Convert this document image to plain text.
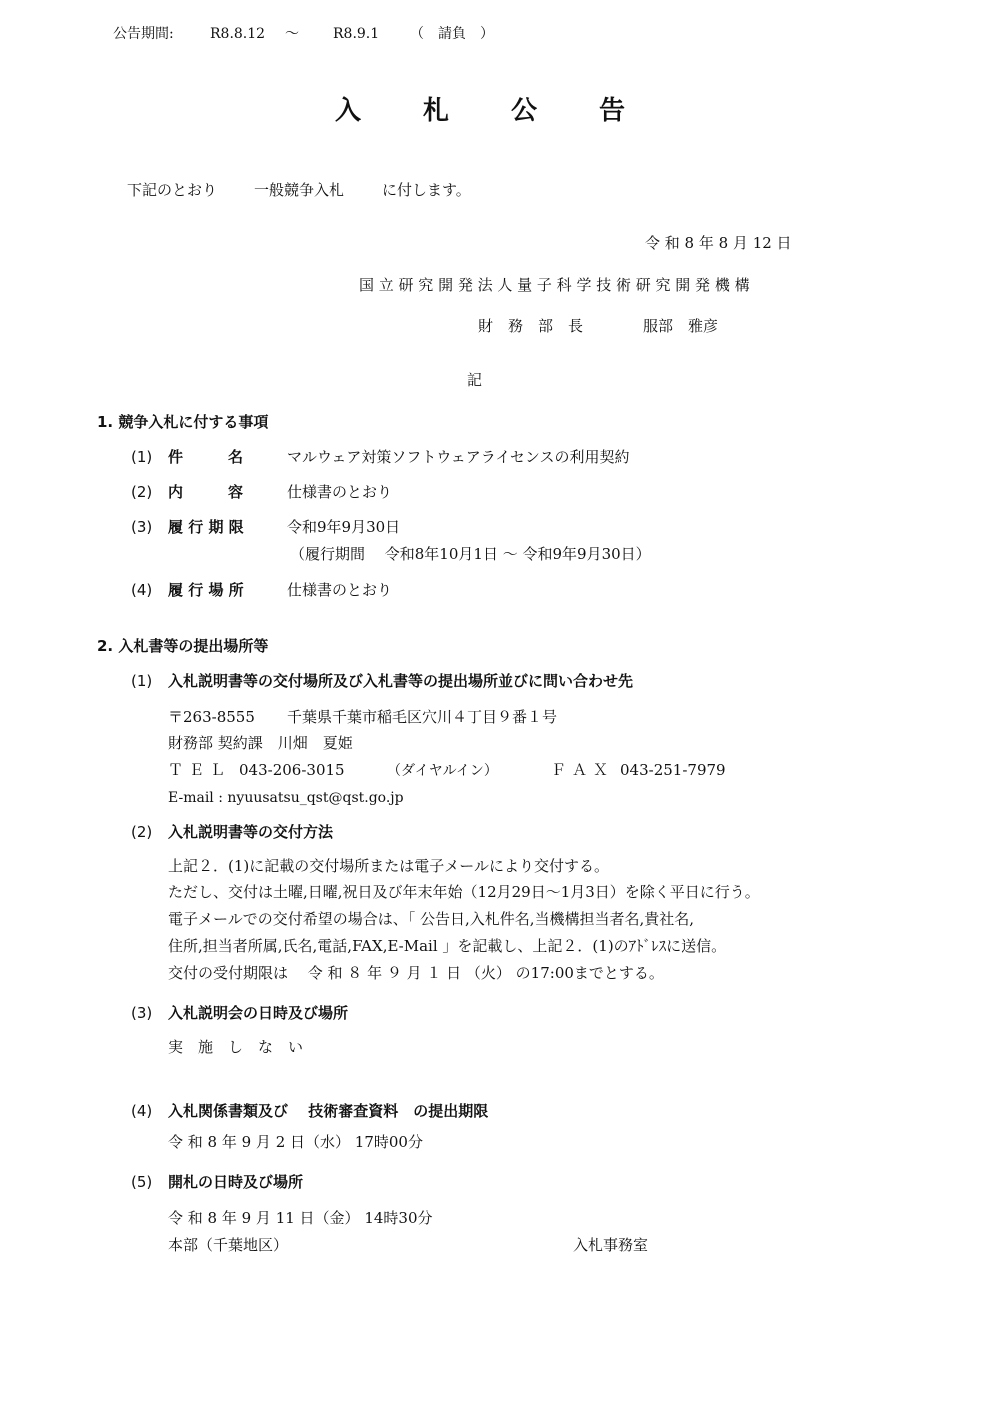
公告期間:	R8.8.12 ～ R8.9.1 （　請負　）
入札公告
下記のとおり 一般競争入札	に付します。
令 和 8 年 8 月 12 日
国 立 研 究 開 発 法 人 量 子 科 学 技 術 研 究 開 発 機 構
財　務　部　長	服部　雅彦
記
1. 競争入札に付する事項
(1) 件　　　名	マルウェア対策ソフトウェアライセンスの利用契約
(2) 内　　　容	仕様書のとおり
(3) 履 行 期 限	令和9年9月30日
（履行期間　 令和8年10月1日 ～ 令和9年9月30日）
(4) 履 行 場 所	仕様書のとおり
2. 入札書等の提出場所等
(1) 入札説明書等の交付場所及び入札書等の提出場所並びに問い合わせ先
〒263-8555 千葉県千葉市稲毛区穴川４丁目９番１号
財務部 契約課　川畑　夏姫
ＴＥＬ 043-206-3015	（ダイヤルイン）	ＦＡＸ 043-251-7979
E-mail : nyuusatsu_qst@qst.go.jp
(2) 入札説明書等の交付方法
上記２．(1)に記載の交付場所または電子メールにより交付する。
ただし、交付は土曜,日曜,祝日及び年末年始（12月29日～1月3日）を除く平日に行う。
電子メールでの交付希望の場合は、「 公告日,入札件名,当機構担当者名,貴社名,
住所,担当者所属,氏名,電話,FAX,E-Mail 」を記載し、上記２．(1)のｱﾄﾞﾚｽに送信。
交付の受付期限は　 令 和 ８ 年 ９ 月 １ 日 （火） の17:00までとする。
(3) 入札説明会の日時及び場所
実　施　し　な　い
(4) 入札関係書類及び　 技術審査資料　の提出期限
令 和 8 年 9 月 2 日（水） 17時00分
(5) 開札の日時及び場所
令 和 8 年 9 月 11 日（金） 14時30分
本部（千葉地区）	入札事務室
